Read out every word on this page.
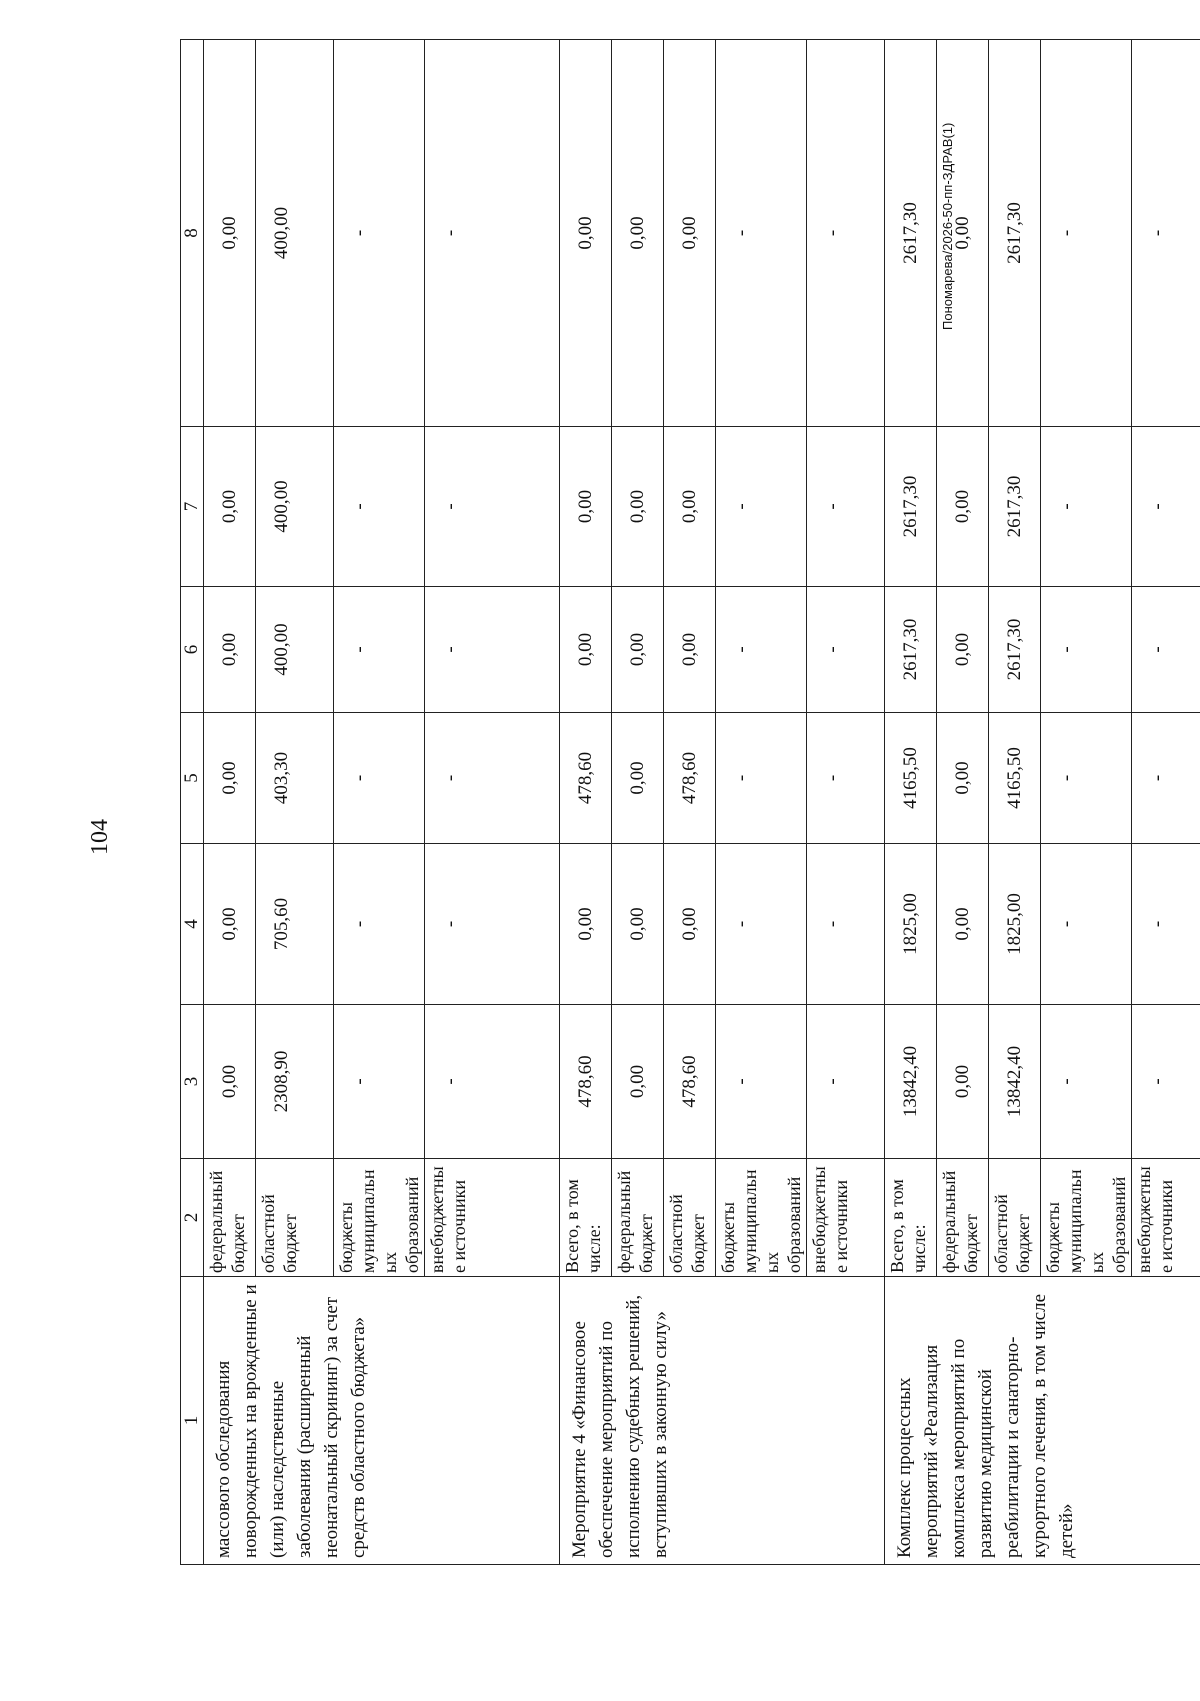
104
Пономарева/2026-50-пп-ЗДРАВ(1)
1	2	3	4	5	6	7	8
массового обследования новорожденных на врожденные и (или) наследственные заболевания (расширенный неонатальный скрининг) за счет средств областного бюджета»	федеральный бюджет	0,00	0,00	0,00	0,00	0,00	0,00

	областной бюджет	2308,90	705,60	403,30	400,00	400,00	400,00

	бюджеты муниципальных образований	-	-	-	-	-	-

	внебюджетные источники	-	-	-	-	-	-
Мероприятие 4 «Финансовое обеспечение мероприятий по исполнению судебных решений, вступивших в законную силу»	Всего, в том числе:	478,60	0,00	478,60	0,00	0,00	0,00

	федеральный бюджет	0,00	0,00	0,00	0,00	0,00	0,00

	областной бюджет	478,60	0,00	478,60	0,00	0,00	0,00

	бюджеты муниципальных образований	-	-	-	-	-	-

	внебюджетные источники	-	-	-	-	-	-
Комплекс процессных мероприятий «Реализация комплекса мероприятий по развитию медицинской реабилитации и санаторно-курортного лечения, в том числе детей»	Всего, в том числе:	13842,40	1825,00	4165,50	2617,30	2617,30	2617,30

	федеральный бюджет	0,00	0,00	0,00	0,00	0,00	0,00

	областной бюджет	13842,40	1825,00	4165,50	2617,30	2617,30	2617,30

	бюджеты муниципальных образований	-	-	-	-	-	-

	внебюджетные источники	-	-	-	-	-	-
